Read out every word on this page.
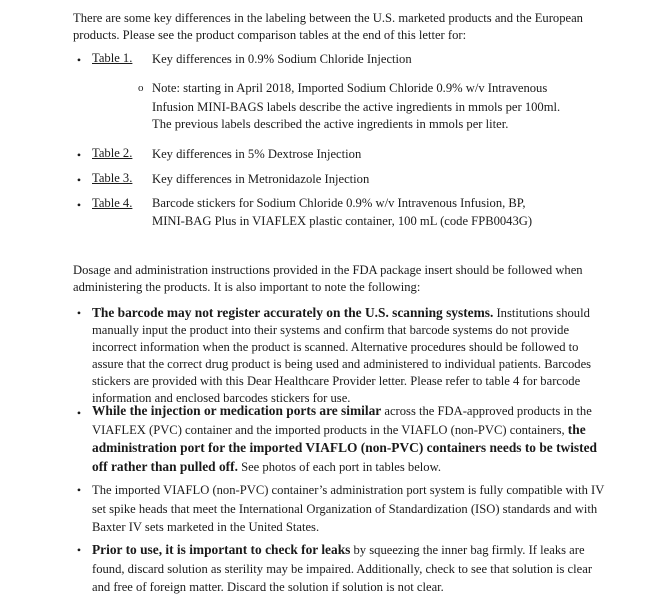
There are some key differences in the labeling between the U.S. marketed products and the European products. Please see the product comparison tables at the end of this letter for:

• Table 1. Key differences in 0.9% Sodium Chloride Injection
o Note: starting in April 2018, Imported Sodium Chloride 0.9% w/v Intravenous
Infusion MINI-BAGS labels describe the active ingredients in mmols per 100ml.
The previous labels described the active ingredients in mmols per liter.
• Table 2. Key differences in 5% Dextrose Injection
• Table 3. Key differences in Metronidazole Injection
• Table 4. Barcode stickers for Sodium Chloride 0.9% w/v Intravenous Infusion, BP,
MINI-BAG Plus in VIAFLEX plastic container, 100 mL (code FPB0043G)

Dosage and administration instructions provided in the FDA package insert should be followed when administering the products. It is also important to note the following:

• The barcode may not register accurately on the U.S. scanning systems. Institutions should manually input the product into their systems and confirm that barcode systems do not provide incorrect information when the product is scanned. Alternative procedures should be followed to assure that the correct drug product is being used and administered to individual patients. Barcodes stickers are provided with this Dear Healthcare Provider letter. Please refer to table 4 for barcode information and enclosed barcodes stickers for use.

• While the injection or medication ports are similar across the FDA-approved products in the VIAFLEX (PVC) container and the imported products in the VIAFLO (non-PVC) containers, the administration port for the imported VIAFLO (non-PVC) containers needs to be twisted off rather than pulled off. See photos of each port in tables below.

• The imported VIAFLO (non-PVC) container’s administration port system is fully compatible with IV set spike heads that meet the International Organization of Standardization (ISO) standards and with Baxter IV sets marketed in the United States.

• Prior to use, it is important to check for leaks by squeezing the inner bag firmly. If leaks are found, discard solution as sterility may be impaired. Additionally, check to see that solution is clear and free of foreign matter. Discard the solution if solution is not clear.
